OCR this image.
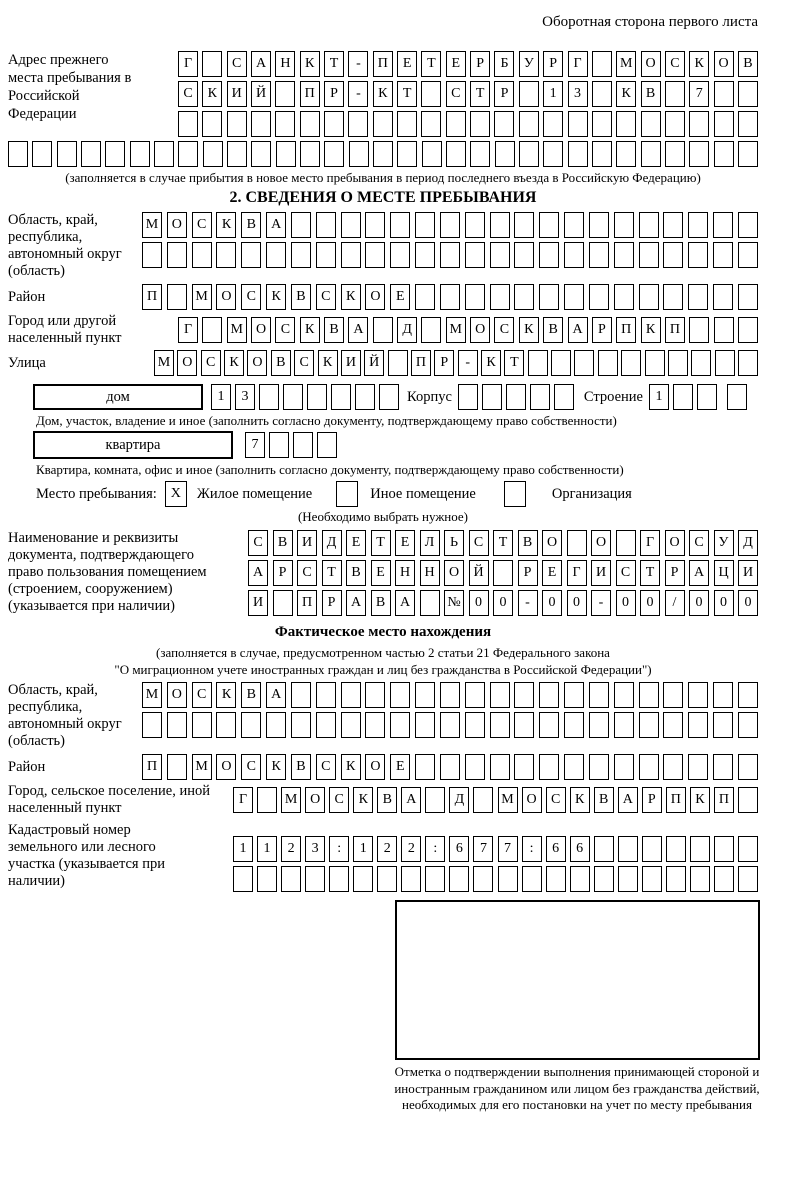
Оборотная сторона первого листа
Адрес прежнего места пребывания в Российской Федерации
Г	С	А	Н	К	Т	-	П	Е	Т	Е	Р	Б	У	Р	Г	М О	С	К	О	В
С	К	И	Й	П	Р	-	К	Т	С	Т	Р	1	3	К	В	7
(заполняется в случае прибытия в новое место пребывания в период последнего въезда в Российскую Федерацию)
2. СВЕДЕНИЯ О МЕСТЕ ПРЕБЫВАНИЯ
Область, край, республика, автономный округ (область)
М О	С	К	В	А
Район	П	М О	С	К	В	С	К	О	Е
Город или другой населенный пункт
Г	М О	С	К	В	А	Д	М О	С	К	В	А	Р	П	К	П
Улица	М О С	К О В	С	К И Й	П	Р	-	К	Т
дом	1	3	Корпус	Строение 1
Дом, участок, владение и иное (заполнить согласно документу, подтверждающему право собственности)
квартира	7
Квартира, комната, офис и иное (заполнить согласно документу, подтверждающему право собственности)
Место пребывания: X	Жилое помещение	Иное помещение	Организация
(Необходимо выбрать нужное)
Наименование и реквизиты документа, подтверждающего право пользования помещением (строением, сооружением) (указывается при наличии)
С	В	И	Д	Е	Т	Е	Л	Ь	С	Т	В	О	О	Г	О	С	У	Д
А	Р	С	Т	В	Е	Н	Н	О	Й	Р	Е	Г	И	С	Т	Р	А	Ц	И
И	П	Р	А	В	А	№	0	0	-	0	0	-	0	0	/	0	0	0
Фактическое место нахождения
(заполняется в случае, предусмотренном частью 2 статьи 21 Федерального закона
"О миграционном учете иностранных граждан и лиц без гражданства в Российской Федерации")
Область, край, республика, автономный округ (область)
М О	С	К	В	А
Район	П	М О	С	К	В	С	К	О	Е
Город, сельское поселение, иной населенный пункт
Г	М О	С	К	В	А	Д	М О	С	К	В	А	Р	П	К	П
Кадастровый номер земельного или лесного участка (указывается при наличии)
1	1	2	3	:	1	2	2	:	6	7	7	:	6	6
Отметка о подтверждении выполнения принимающей стороной и иностранным гражданином или лицом без гражданства действий, необходимых для его постановки на учет по месту пребывания
